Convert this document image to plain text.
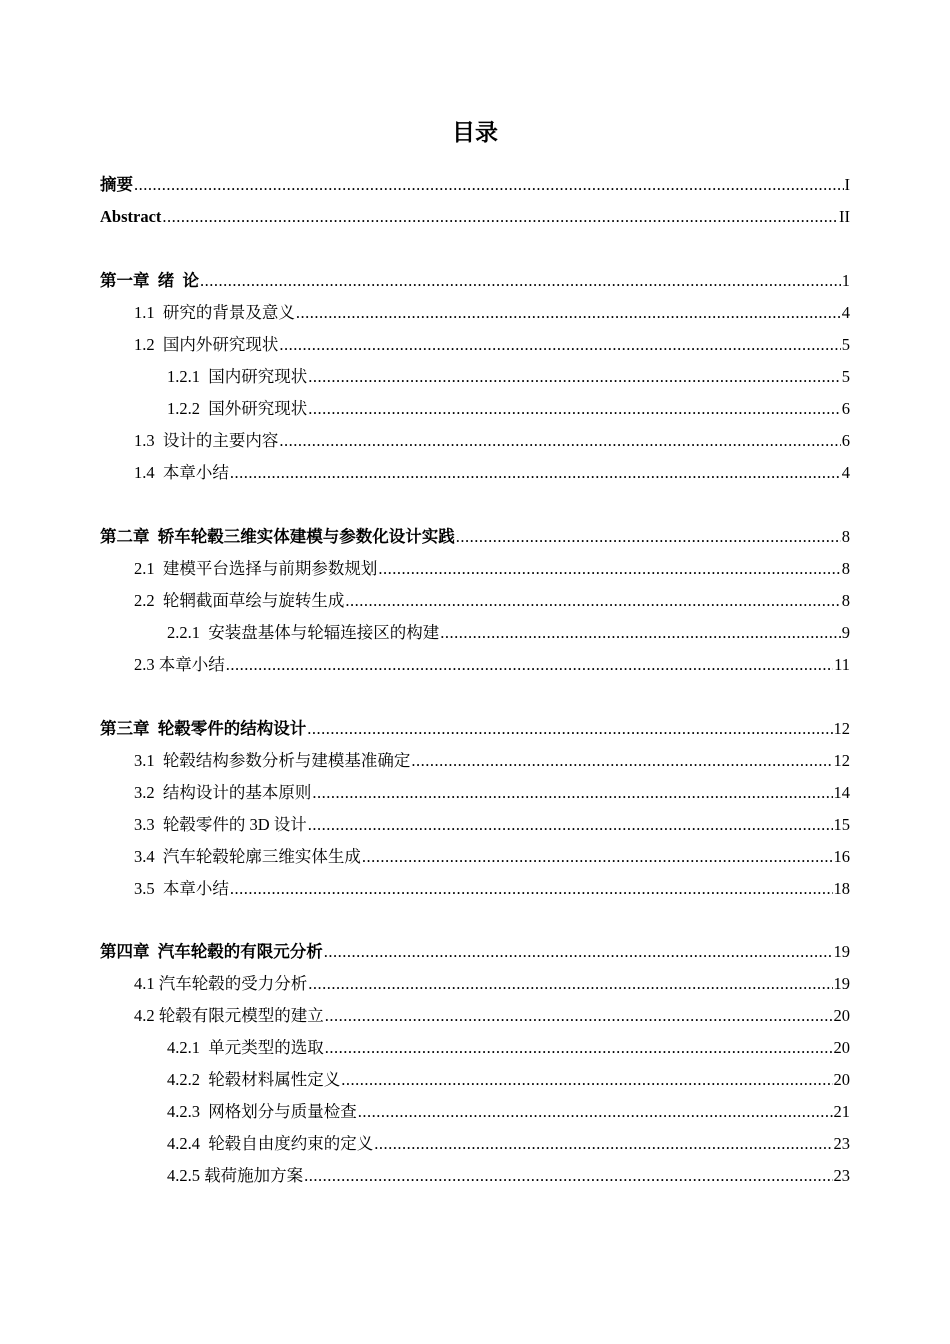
目录
摘要 .....	I
Abstract .....	II
第一章  绪  论 .....	1
1.1  研究的背景及意义 .....	4
1.2  国内外研究现状 .....	5
1.2.1  国内研究现状 .....	5
1.2.2  国外研究现状 .....	6
1.3  设计的主要内容 .....	6
1.4  本章小结 .....	4
第二章  轿车轮毂三维实体建模与参数化设计实践 .....	8
2.1  建模平台选择与前期参数规划 .....	8
2.2  轮辋截面草绘与旋转生成 .....	8
2.2.1  安装盘基体与轮辐连接区的构建 .....	9
2.3 本章小结 .....	11
第三章  轮毂零件的结构设计 .....	12
3.1  轮毂结构参数分析与建模基准确定 .....	12
3.2  结构设计的基本原则 .....	14
3.3  轮毂零件的 3D 设计 .....	15
3.4  汽车轮毂轮廓三维实体生成 .....	16
3.5  本章小结 .....	18
第四章  汽车轮毂的有限元分析 .....	19
4.1 汽车轮毂的受力分析 .....	19
4.2 轮毂有限元模型的建立 .....	20
4.2.1  单元类型的选取 .....	20
4.2.2  轮毂材料属性定义 .....	20
4.2.3  网格划分与质量检查 .....	21
4.2.4  轮毂自由度约束的定义 .....	23
4.2.5 载荷施加方案 .....	23
